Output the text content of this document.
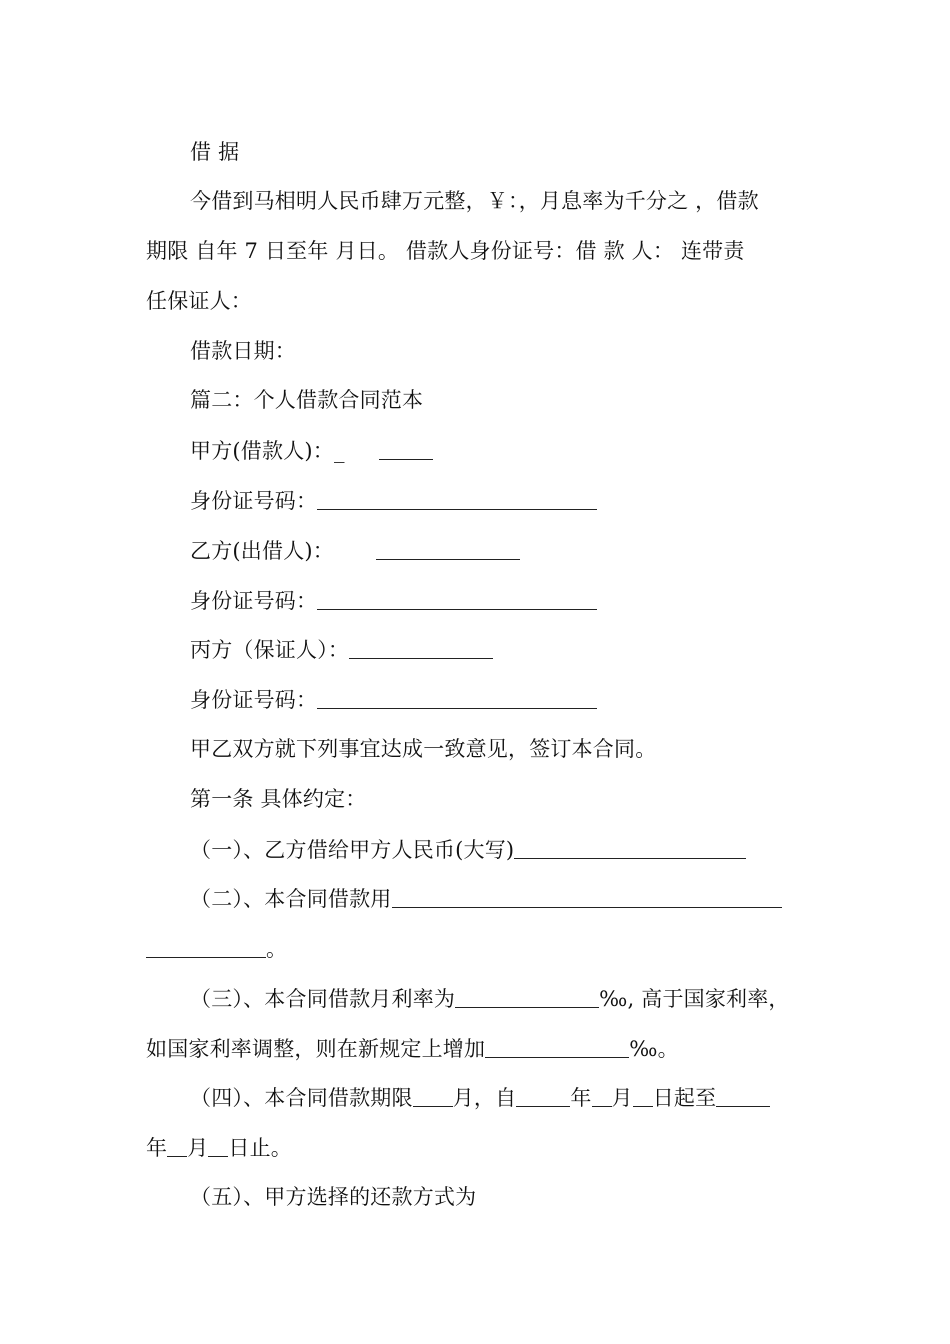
借 据
今借到马相明人民币肆万元整，￥：，月息率为千分之 ，借款
期限 自年 7 日至年 月日。 借款人身份证号：借 款 人： 连带责
任保证人：
借款日期：
篇二：个人借款合同范本
甲方(借款人)：_
身份证号码：
乙方(出借人)：
身份证号码：
丙方（保证人）：
身份证号码：
甲乙双方就下列事宜达成一致意见，签订本合同。
第一条 具体约定：
（一）、乙方借给甲方人民币(大写)
（二）、本合同借款用
。
（三）、本合同借款月利率为	‰, 高于国家利率，
如国家利率调整，则在新规定上增加	‰。
（四）、本合同借款期限 月，自	年 月 日起至
年 月 日止。
（五）、甲方选择的还款方式为
